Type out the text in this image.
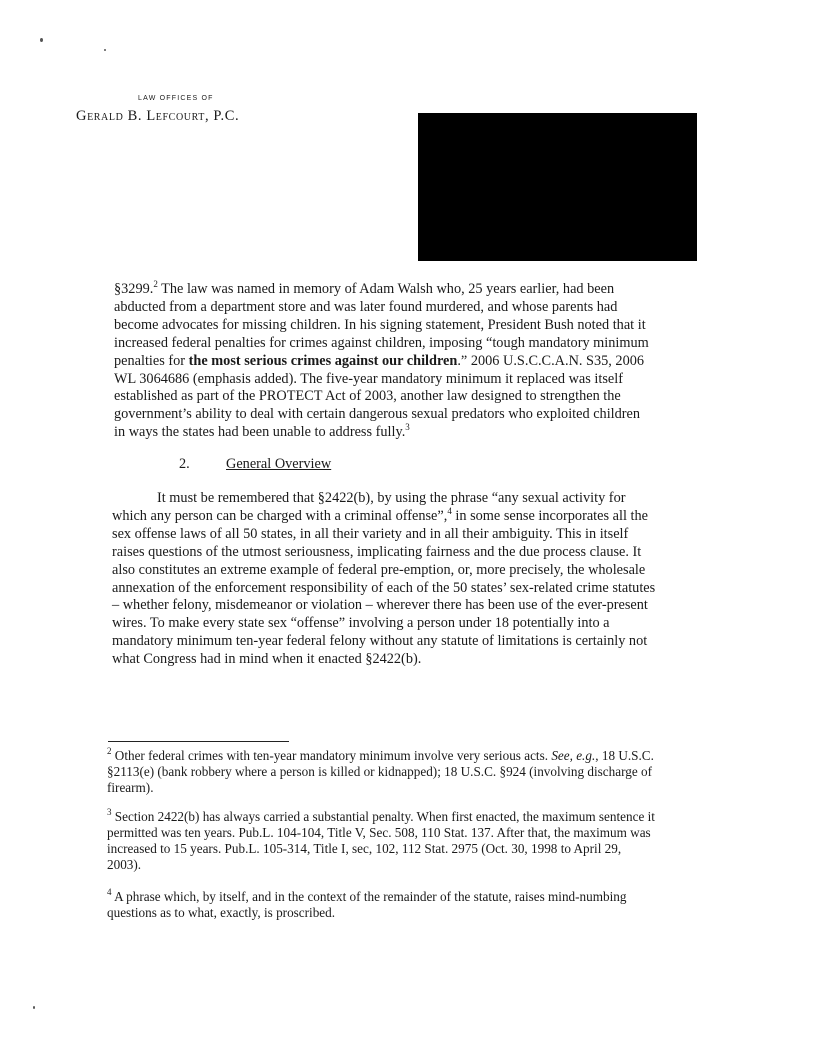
LAW OFFICES OF
Gerald B. Lefcourt, P.C.

§3299.$^2$ The law was named in memory of Adam Walsh who, 25 years earlier, had been abducted from a department store and was later found murdered, and whose parents had become advocates for missing children. In his signing statement, President Bush noted that it increased federal penalties for crimes against children, imposing “tough mandatory minimum penalties for the most serious crimes against our children.” 2006 U.S.C.C.A.N. S35, 2006 WL 3064686 (emphasis added). The five-year mandatory minimum it replaced was itself established as part of the PROTECT Act of 2003, another law designed to strengthen the government’s ability to deal with certain dangerous sexual predators who exploited children in ways the states had been unable to address fully.$^3$

2.	General Overview

It must be remembered that §2422(b), by using the phrase “any sexual activity for which any person can be charged with a criminal offense”,$^4$ in some sense incorporates all the sex offense laws of all 50 states, in all their variety and in all their ambiguity. This in itself raises questions of the utmost seriousness, implicating fairness and the due process clause. It also constitutes an extreme example of federal pre-emption, or, more precisely, the wholesale annexation of the enforcement responsibility of each of the 50 states’ sex-related crime statutes – whether felony, misdemeanor or violation – wherever there has been use of the ever-present wires. To make every state sex “offense” involving a person under 18 potentially into a mandatory minimum ten-year federal felony without any statute of limitations is certainly not what Congress had in mind when it enacted §2422(b).

$^2$ Other federal crimes with ten-year mandatory minimum involve very serious acts. See, e.g., 18 U.S.C. §2113(e) (bank robbery where a person is killed or kidnapped); 18 U.S.C. §924 (involving discharge of firearm).

$^3$ Section 2422(b) has always carried a substantial penalty. When first enacted, the maximum sentence it permitted was ten years. Pub.L. 104-104, Title V, Sec. 508, 110 Stat. 137. After that, the maximum was increased to 15 years. Pub.L. 105-314, Title I, sec, 102, 112 Stat. 2975 (Oct. 30, 1998 to April 29, 2003).

$^4$ A phrase which, by itself, and in the context of the remainder of the statute, raises mind-numbing questions as to what, exactly, is proscribed.
